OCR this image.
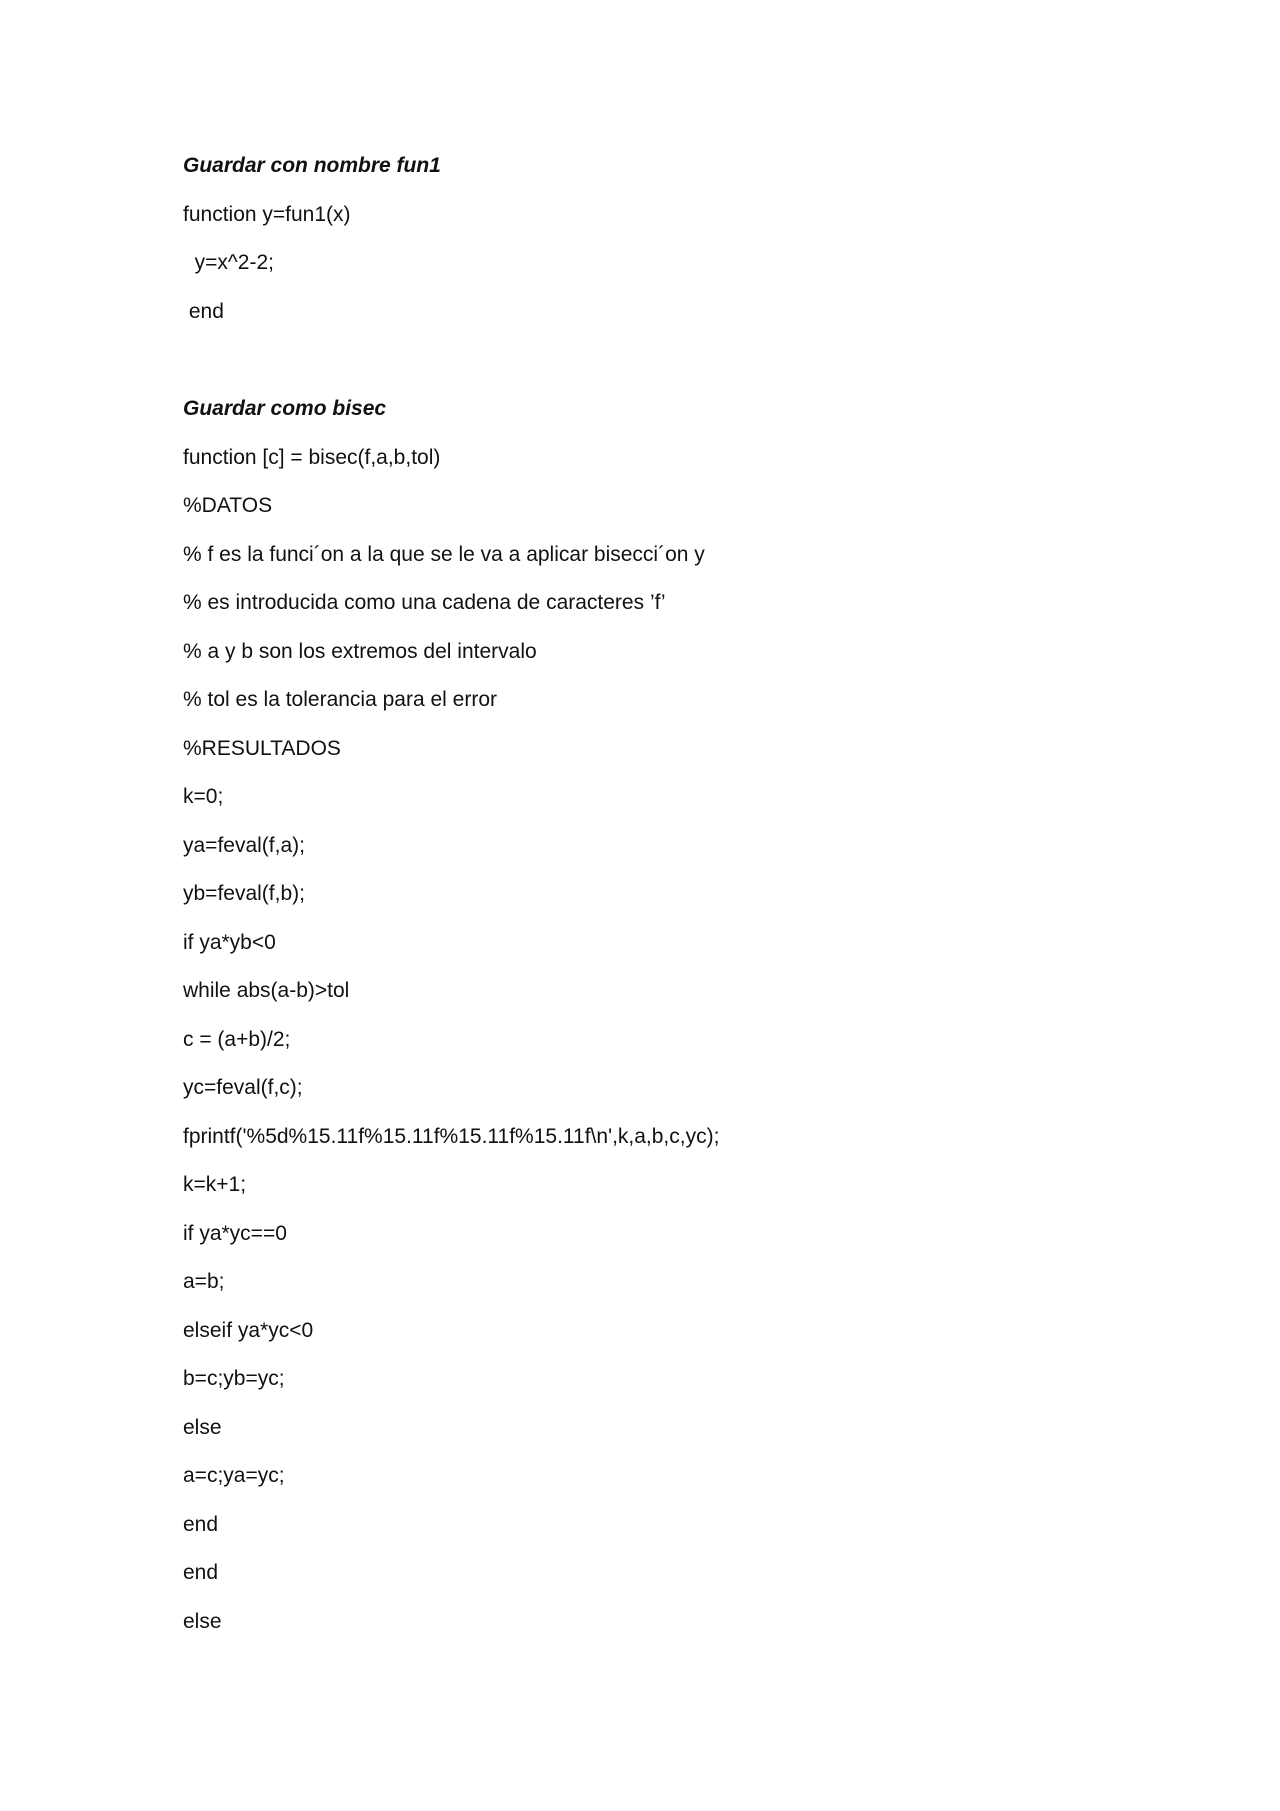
Guardar con nombre fun1
function y=fun1(x)
y=x^2-2;
end
Guardar como bisec
function [c] = bisec(f,a,b,tol)
%DATOS
% f es la funci´on a la que se le va a aplicar bisecci´on y
% es introducida como una cadena de caracteres ’f’
% a y b son los extremos del intervalo
% tol es la tolerancia para el error
%RESULTADOS
k=0;
ya=feval(f,a);
yb=feval(f,b);
if ya*yb<0
while abs(a-b)>tol
c = (a+b)/2;
yc=feval(f,c);
fprintf('%5d%15.11f%15.11f%15.11f%15.11f\n',k,a,b,c,yc);
k=k+1;
if ya*yc==0
a=b;
elseif ya*yc<0
b=c;yb=yc;
else
a=c;ya=yc;
end
end
else
